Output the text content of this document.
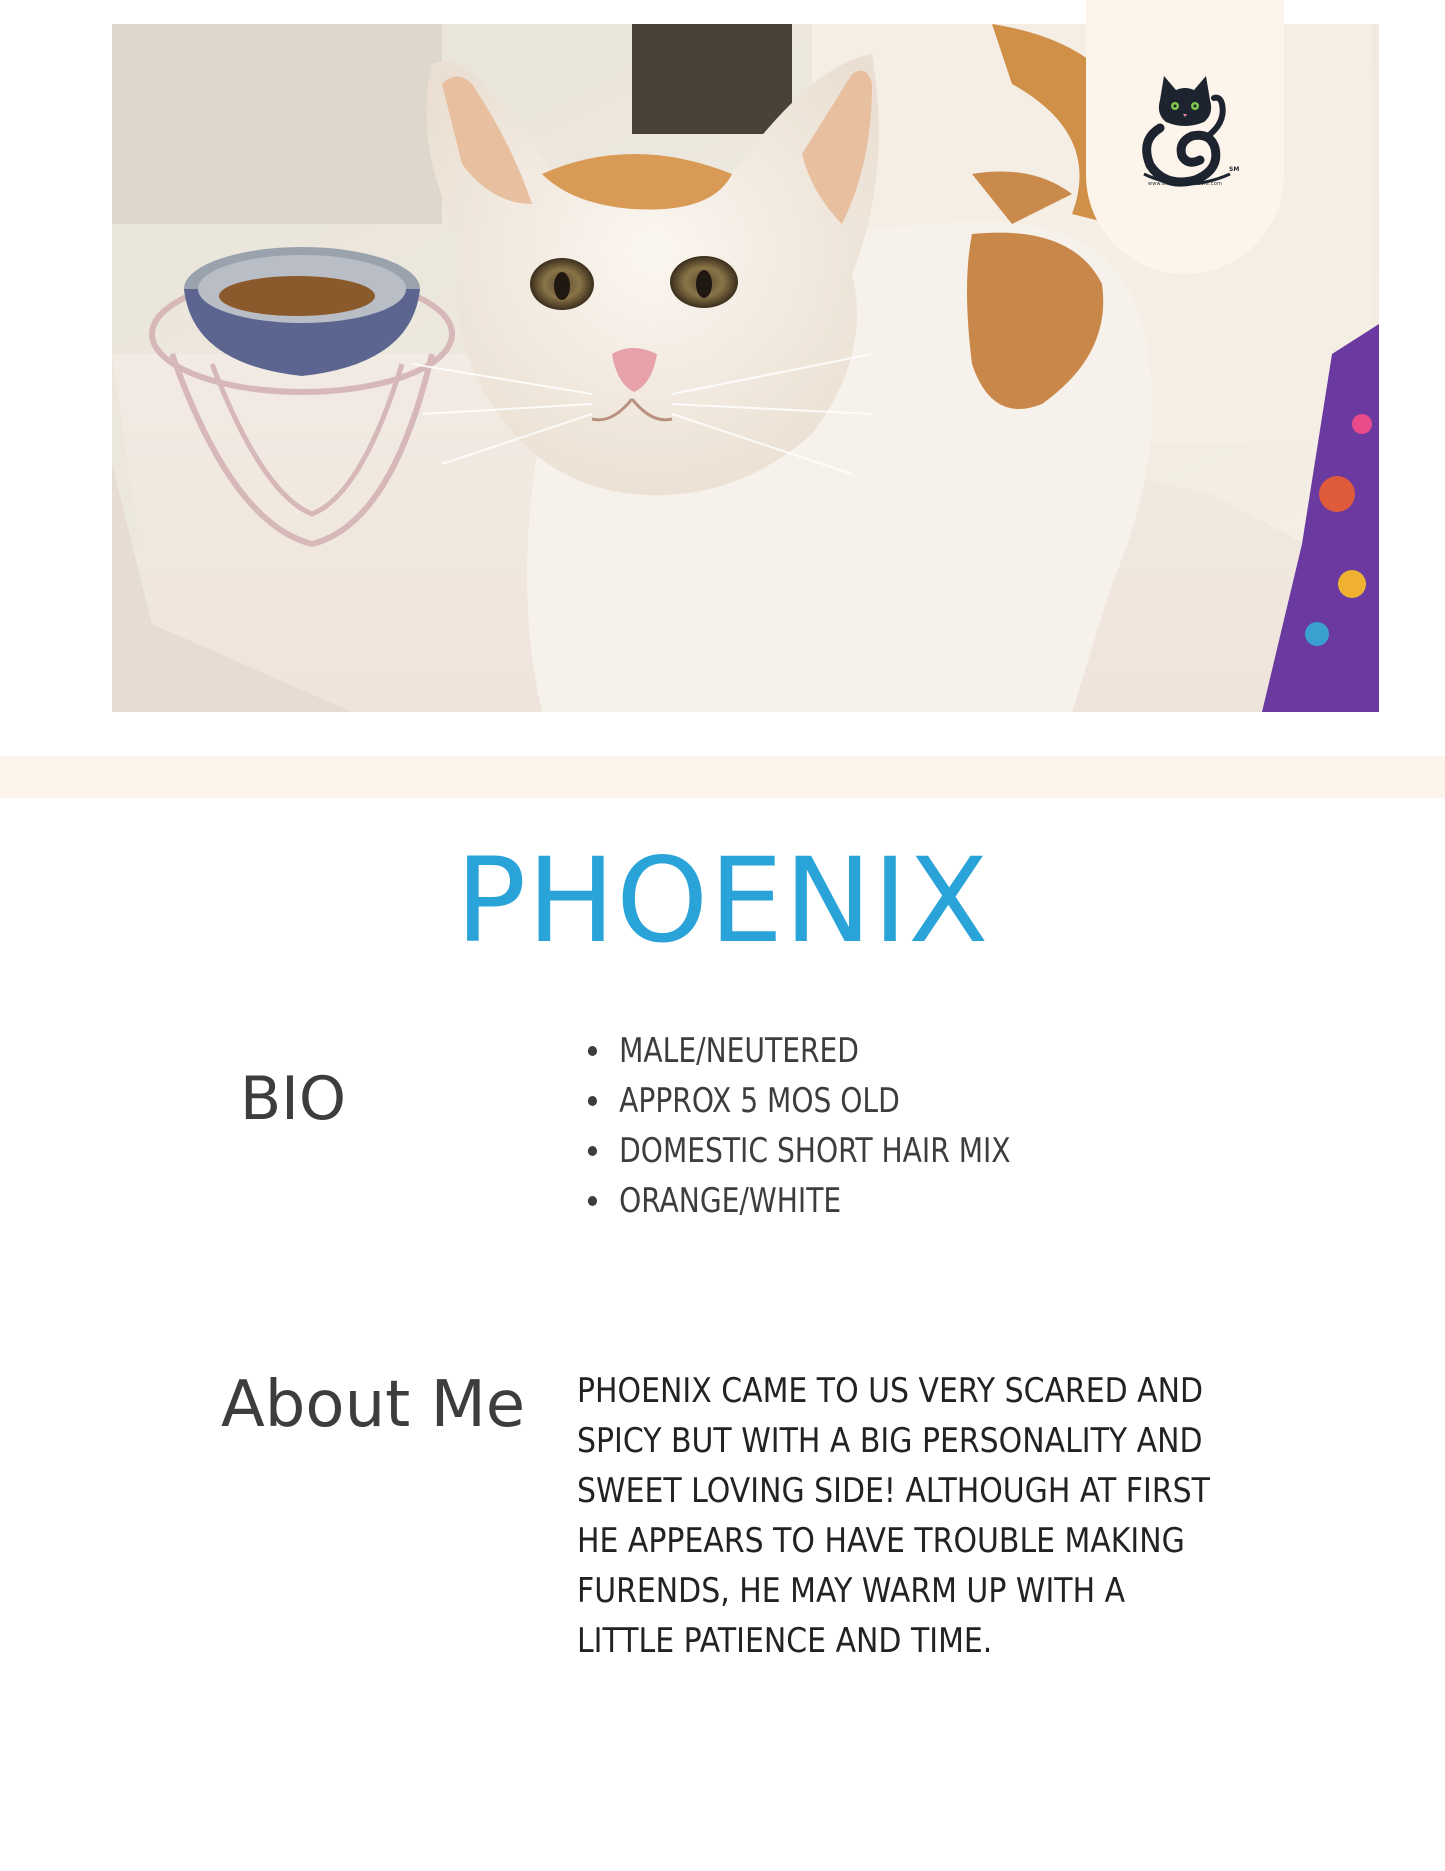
SM
www.entangledcatcafe.com
PHOENIX
BIO
MALE/NEUTERED
APPROX 5 MOS OLD
DOMESTIC SHORT HAIR MIX
ORANGE/WHITE
About Me PHOENIX CAME TO US VERY SCARED AND
SPICY BUT WITH A BIG PERSONALITY AND
SWEET LOVING SIDE! ALTHOUGH AT FIRST
HE APPEARS TO HAVE TROUBLE MAKING
FURENDS, HE MAY WARM UP WITH A
LITTLE PATIENCE AND TIME.
